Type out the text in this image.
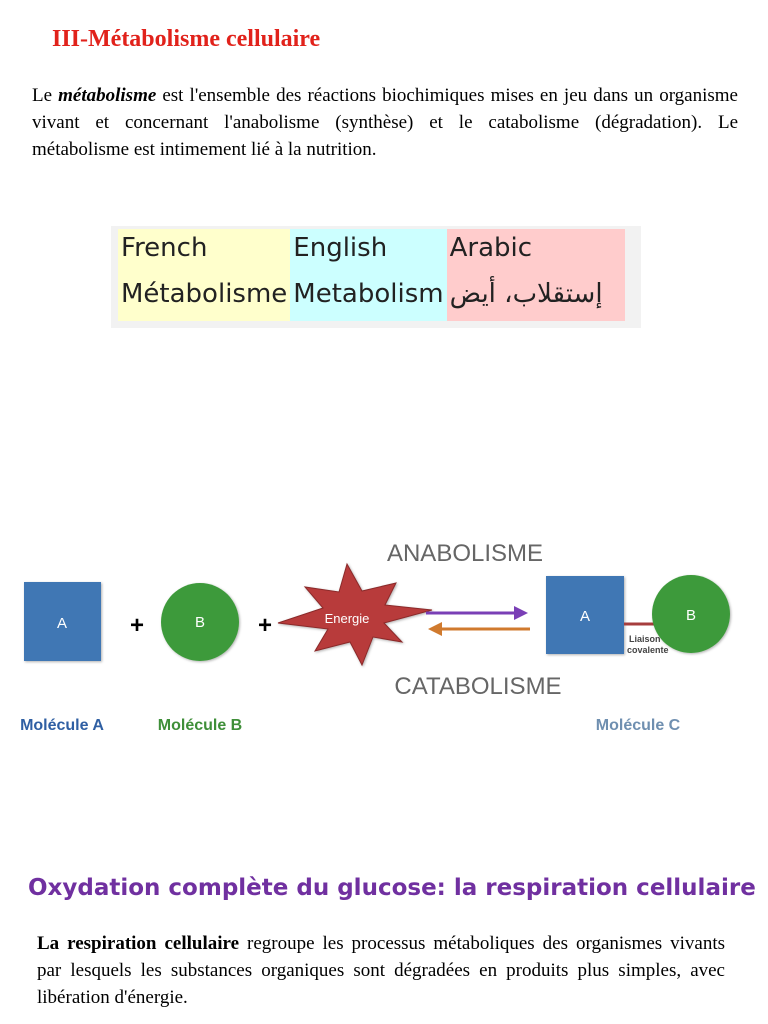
III-Métabolisme cellulaire

Le métabolisme est l'ensemble des réactions biochimiques mises en jeu dans un organisme vivant et concernant l'anabolisme (synthèse) et le catabolisme (dégradation). Le métabolisme est intimement lié à la nutrition.

French	English	Arabic
Métabolisme	Metabolism	إستقلاب، أيض
A	+	B +	Energie
ANABOLISME
CATABOLISME
A	B
Liaison
covalente
Molécule A	Molécule B	Molécule C
Oxydation complète du glucose: la respiration cellulaire

La respiration cellulaire regroupe les processus métaboliques des organismes vivants par lesquels les substances organiques sont dégradées en produits plus simples, avec libération d'énergie.
